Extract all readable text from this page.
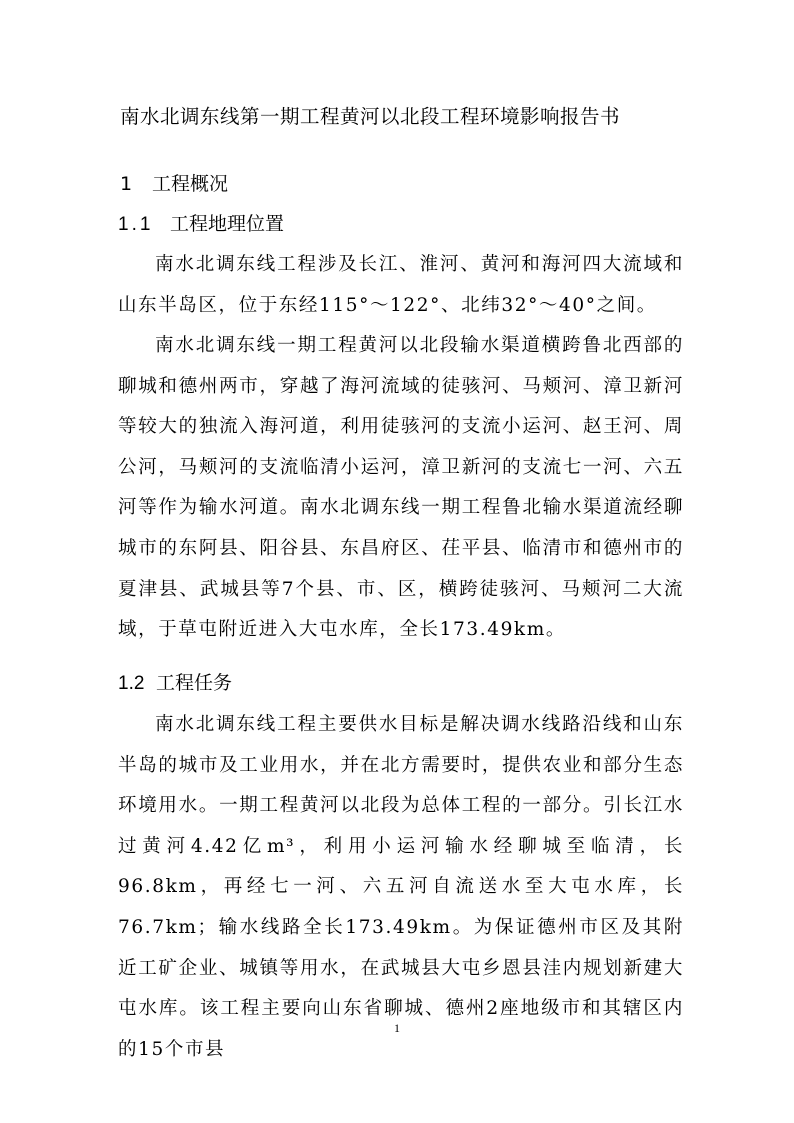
南水北调东线第一期工程黄河以北段工程环境影响报告书
1 工程概况
1.1 工程地理位置
南水北调东线工程涉及长江、淮河、黄河和海河四大流域和山东半岛区，位于东经115°～122°、北纬32°～40°之间。
南水北调东线一期工程黄河以北段输水渠道横跨鲁北西部的聊城和德州两市，穿越了海河流域的徒骇河、马颊河、漳卫新河等较大的独流入海河道，利用徒骇河的支流小运河、赵王河、周公河，马颊河的支流临清小运河，漳卫新河的支流七一河、六五河等作为输水河道。南水北调东线一期工程鲁北输水渠道流经聊城市的东阿县、阳谷县、东昌府区、茌平县、临清市和德州市的夏津县、武城县等7个县、市、区，横跨徒骇河、马颊河二大流域，于草屯附近进入大屯水库，全长173.49km。
1.2 工程任务
南水北调东线工程主要供水目标是解决调水线路沿线和山东半岛的城市及工业用水，并在北方需要时，提供农业和部分生态环境用水。一期工程黄河以北段为总体工程的一部分。引长江水过黄河4.42亿m³，利用小运河输水经聊城至临清，长96.8km，再经七一河、六五河自流送水至大屯水库，长76.7km；输水线路全长173.49km。为保证德州市区及其附近工矿企业、城镇等用水，在武城县大屯乡恩县洼内规划新建大屯水库。该工程主要向山东省聊城、德州2座地级市和其辖区内的15个市县
1
